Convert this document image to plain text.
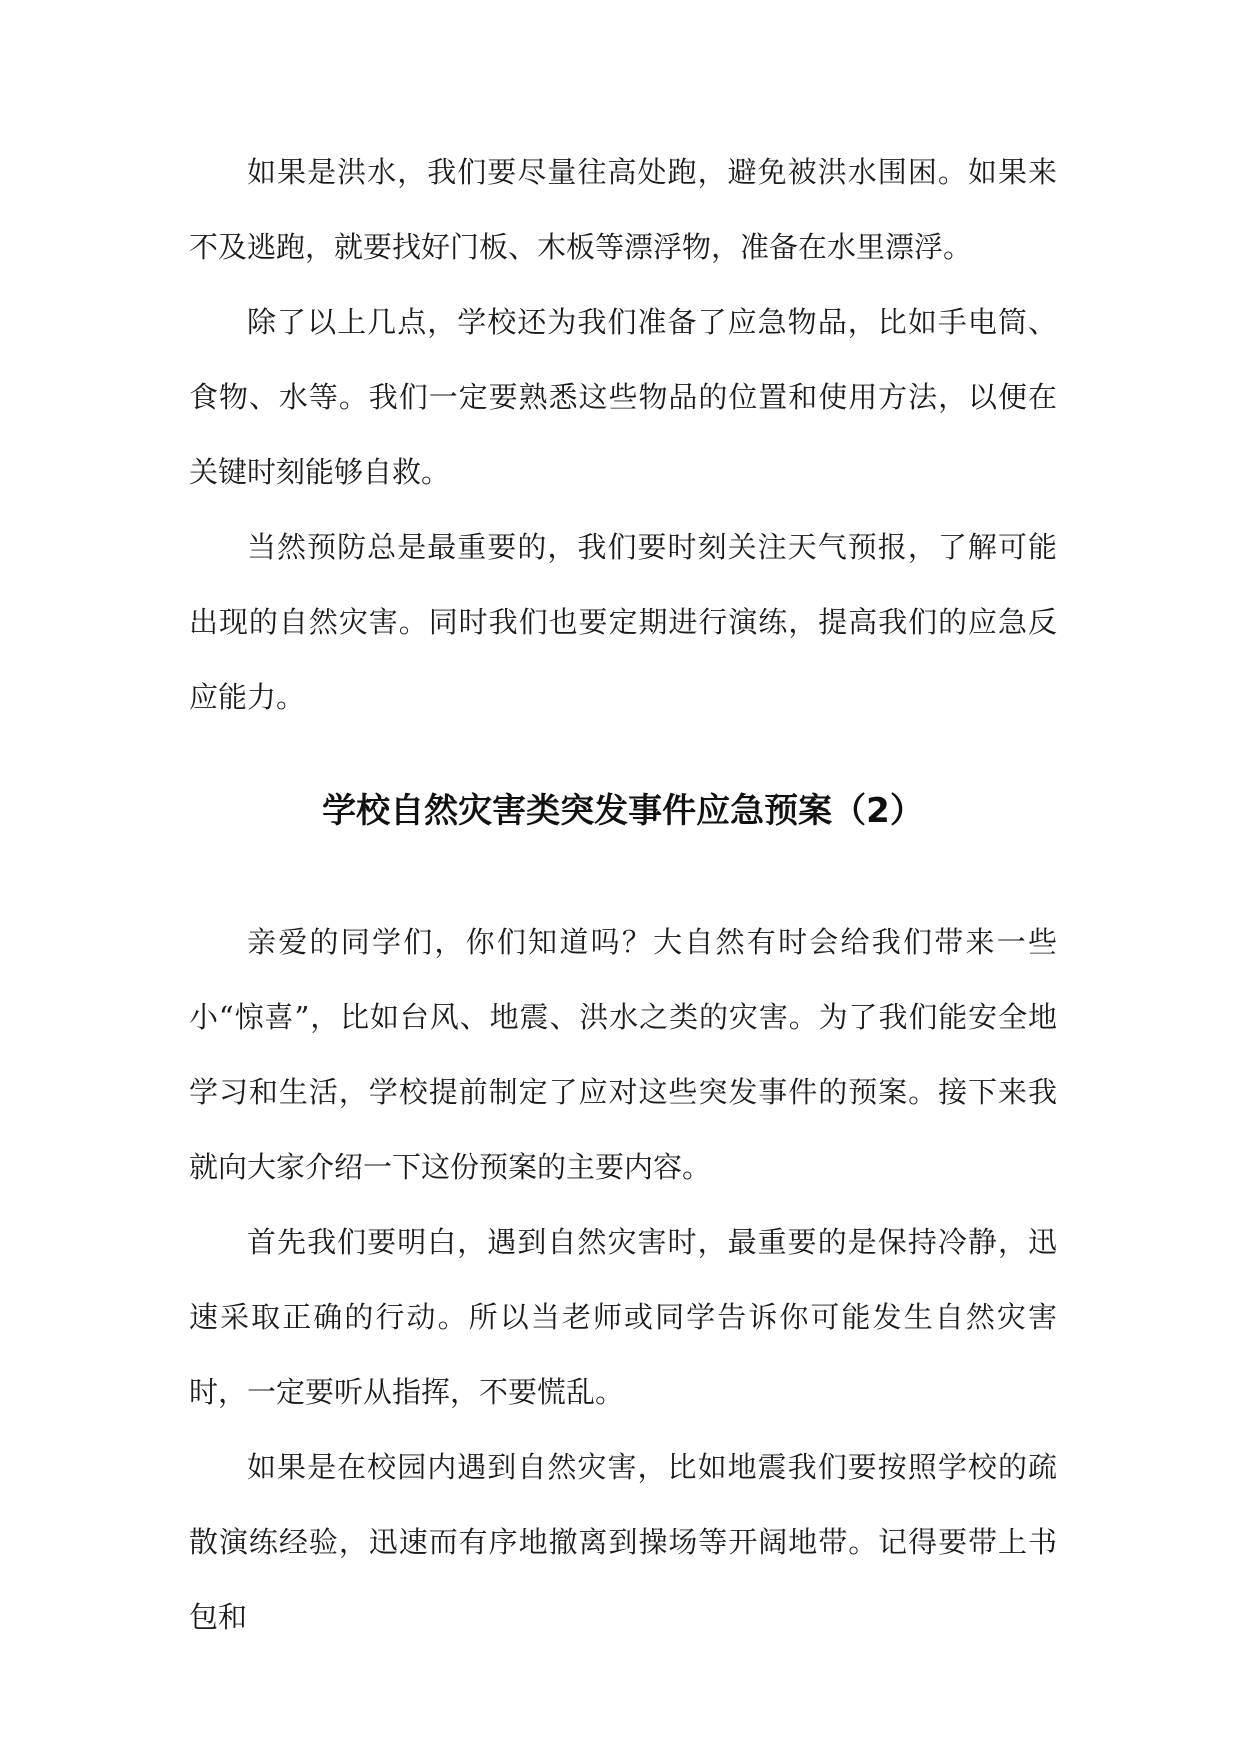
如果是洪水，我们要尽量往高处跑，避免被洪水围困。如果来不及逃跑，就要找好门板、木板等漂浮物，准备在水里漂浮。

除了以上几点，学校还为我们准备了应急物品，比如手电筒、食物、水等。我们一定要熟悉这些物品的位置和使用方法，以便在关键时刻能够自救。

当然预防总是最重要的，我们要时刻关注天气预报，了解可能出现的自然灾害。同时我们也要定期进行演练，提高我们的应急反应能力。

学校自然灾害类突发事件应急预案（2）

亲爱的同学们，你们知道吗？大自然有时会给我们带来一些小“惊喜”，比如台风、地震、洪水之类的灾害。为了我们能安全地学习和生活，学校提前制定了应对这些突发事件的预案。接下来我就向大家介绍一下这份预案的主要内容。

首先我们要明白，遇到自然灾害时，最重要的是保持冷静，迅速采取正确的行动。所以当老师或同学告诉你可能发生自然灾害时，一定要听从指挥，不要慌乱。

如果是在校园内遇到自然灾害，比如地震我们要按照学校的疏散演练经验，迅速而有序地撤离到操场等开阔地带。记得要带上书包和
